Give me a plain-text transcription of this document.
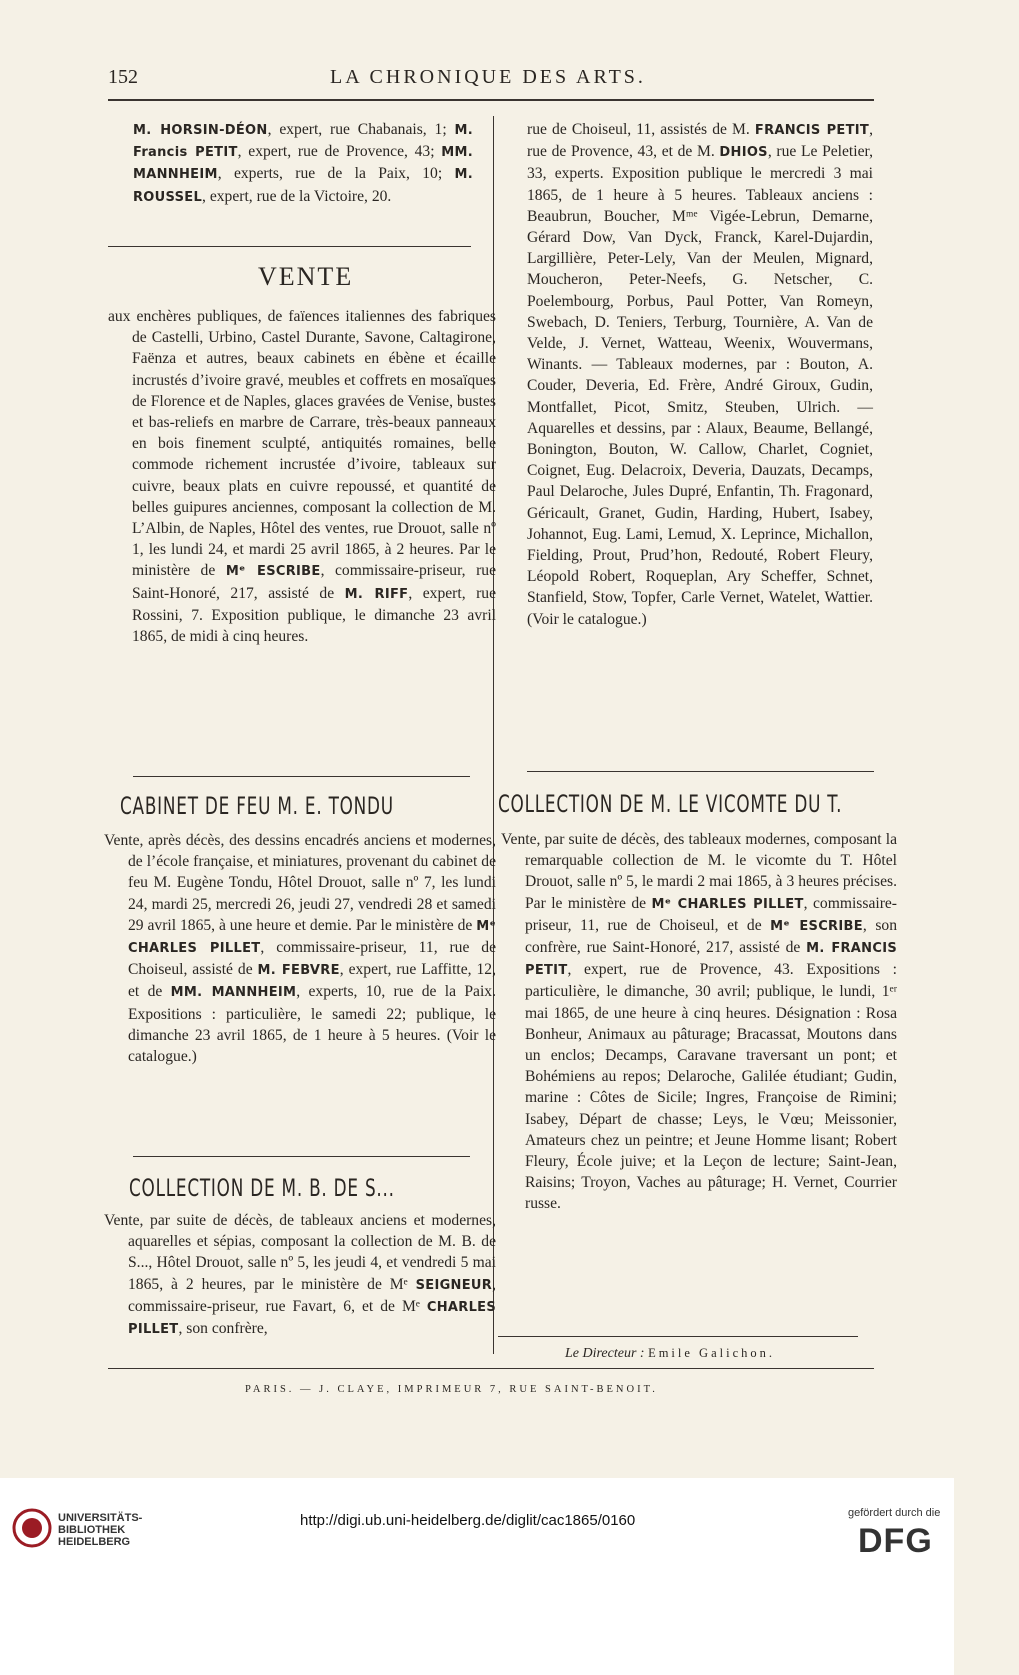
152	LA CHRONIQUE DES ARTS.

M. HORSIN-DÉON, expert, rue Chabanais, 1; M. Francis PETIT, expert, rue de Provence, 43; MM. MANNHEIM, experts, rue de la Paix, 10; M. ROUSSEL, expert, rue de la Victoire, 20.

VENTE

aux enchères publiques, de faïences italiennes des fabriques de Castelli, Urbino, Castel Durante, Savone, Caltagirone, Faënza et autres, beaux cabinets en ébène et écaille incrustés d’ivoire gravé, meubles et coffrets en mosaïques de Florence et de Naples, glaces gravées de Venise, bustes et bas-reliefs en marbre de Carrare, très-beaux panneaux en bois finement sculpté, antiquités romaines, belle commode richement incrustée d’ivoire, tableaux sur cuivre, beaux plats en cuivre repoussé, et quantité de belles guipures anciennes, composant la collection de M. L’Albin, de Naples, Hôtel des ventes, rue Drouot, salle nº 1, les lundi 24, et mardi 25 avril 1865, à 2 heures. Par le ministère de Mᵉ ESCRIBE, commissaire-priseur, rue Saint-Honoré, 217, assisté de M. RIFF, expert, rue Rossini, 7. Exposition publique, le dimanche 23 avril 1865, de midi à cinq heures.

CABINET DE FEU M. E. TONDU

Vente, après décès, des dessins encadrés anciens et modernes, de l’école française, et miniatures, provenant du cabinet de feu M. Eugène Tondu, Hôtel Drouot, salle nº 7, les lundi 24, mardi 25, mercredi 26, jeudi 27, vendredi 28 et samedi 29 avril 1865, à une heure et demie. Par le ministère de Mᵉ CHARLES PILLET, commissaire-priseur, 11, rue de Choiseul, assisté de M. FEBVRE, expert, rue Laffitte, 12, et de MM. MANNHEIM, experts, 10, rue de la Paix. Expositions : particulière, le samedi 22; publique, le dimanche 23 avril 1865, de 1 heure à 5 heures. (Voir le catalogue.)

COLLECTION DE M. B. DE S...

Vente, par suite de décès, de tableaux anciens et modernes, aquarelles et sépias, composant la collection de M. B. de S..., Hôtel Drouot, salle nº 5, les jeudi 4, et vendredi 5 mai 1865, à 2 heures, par le ministère de Mᵉ SEIGNEUR, commissaire-priseur, rue Favart, 6, et de Mᵉ CHARLES PILLET, son confrère,

rue de Choiseul, 11, assistés de M. FRANCIS PETIT, rue de Provence, 43, et de M. DHIOS, rue Le Peletier, 33, experts. Exposition publique le mercredi 3 mai 1865, de 1 heure à 5 heures. Tableaux anciens : Beaubrun, Boucher, Mᵐᵉ Vigée-Lebrun, Demarne, Gérard Dow, Van Dyck, Franck, Karel-Dujardin, Largillière, Peter-Lely, Van der Meulen, Mignard, Moucheron, Peter-Neefs, G. Netscher, C. Poelembourg, Porbus, Paul Potter, Van Romeyn, Swebach, D. Teniers, Terburg, Tournière, A. Van de Velde, J. Vernet, Watteau, Weenix, Wouvermans, Winants. — Tableaux modernes, par : Bouton, A. Couder, Deveria, Ed. Frère, André Giroux, Gudin, Montfallet, Picot, Smitz, Steuben, Ulrich. — Aquarelles et dessins, par : Alaux, Beaume, Bellangé, Bonington, Bouton, W. Callow, Charlet, Cogniet, Coignet, Eug. Delacroix, Deveria, Dauzats, Decamps, Paul Delaroche, Jules Dupré, Enfantin, Th. Fragonard, Géricault, Granet, Gudin, Harding, Hubert, Isabey, Johannot, Eug. Lami, Lemud, X. Leprince, Michallon, Fielding, Prout, Prud’hon, Redouté, Robert Fleury, Léopold Robert, Roqueplan, Ary Scheffer, Schnet, Stanfield, Stow, Topfer, Carle Vernet, Watelet, Wattier. (Voir le catalogue.)

COLLECTION DE M. LE VICOMTE DU T.

Vente, par suite de décès, des tableaux modernes, composant la remarquable collection de M. le vicomte du T. Hôtel Drouot, salle nº 5, le mardi 2 mai 1865, à 3 heures précises. Par le ministère de Mᵉ CHARLES PILLET, commissaire-priseur, 11, rue de Choiseul, et de Mᵉ ESCRIBE, son confrère, rue Saint-Honoré, 217, assisté de M. FRANCIS PETIT, expert, rue de Provence, 43. Expositions : particulière, le dimanche, 30 avril; publique, le lundi, 1ᵉʳ mai 1865, de une heure à cinq heures. Désignation : Rosa Bonheur, Animaux au pâturage; Bracassat, Moutons dans un enclos; Decamps, Caravane traversant un pont; et Bohémiens au repos; Delaroche, Galilée étudiant; Gudin, marine : Côtes de Sicile; Ingres, Françoise de Rimini; Isabey, Départ de chasse; Leys, le Vœu; Meissonier, Amateurs chez un peintre; et Jeune Homme lisant; Robert Fleury, École juive; et la Leçon de lecture; Saint-Jean, Raisins; Troyon, Vaches au pâturage; H. Vernet, Courrier russe.

Le Directeur : Emile Galichon.
PARIS. — J. CLAYE, IMPRIMEUR 7, RUE SAINT-BENOIT.
UNIVERSITÄTS-
BIBLIOTHEK
HEIDELBERG
http://digi.ub.uni-heidelberg.de/diglit/cac1865/0160	gefördert durch die
DFG
